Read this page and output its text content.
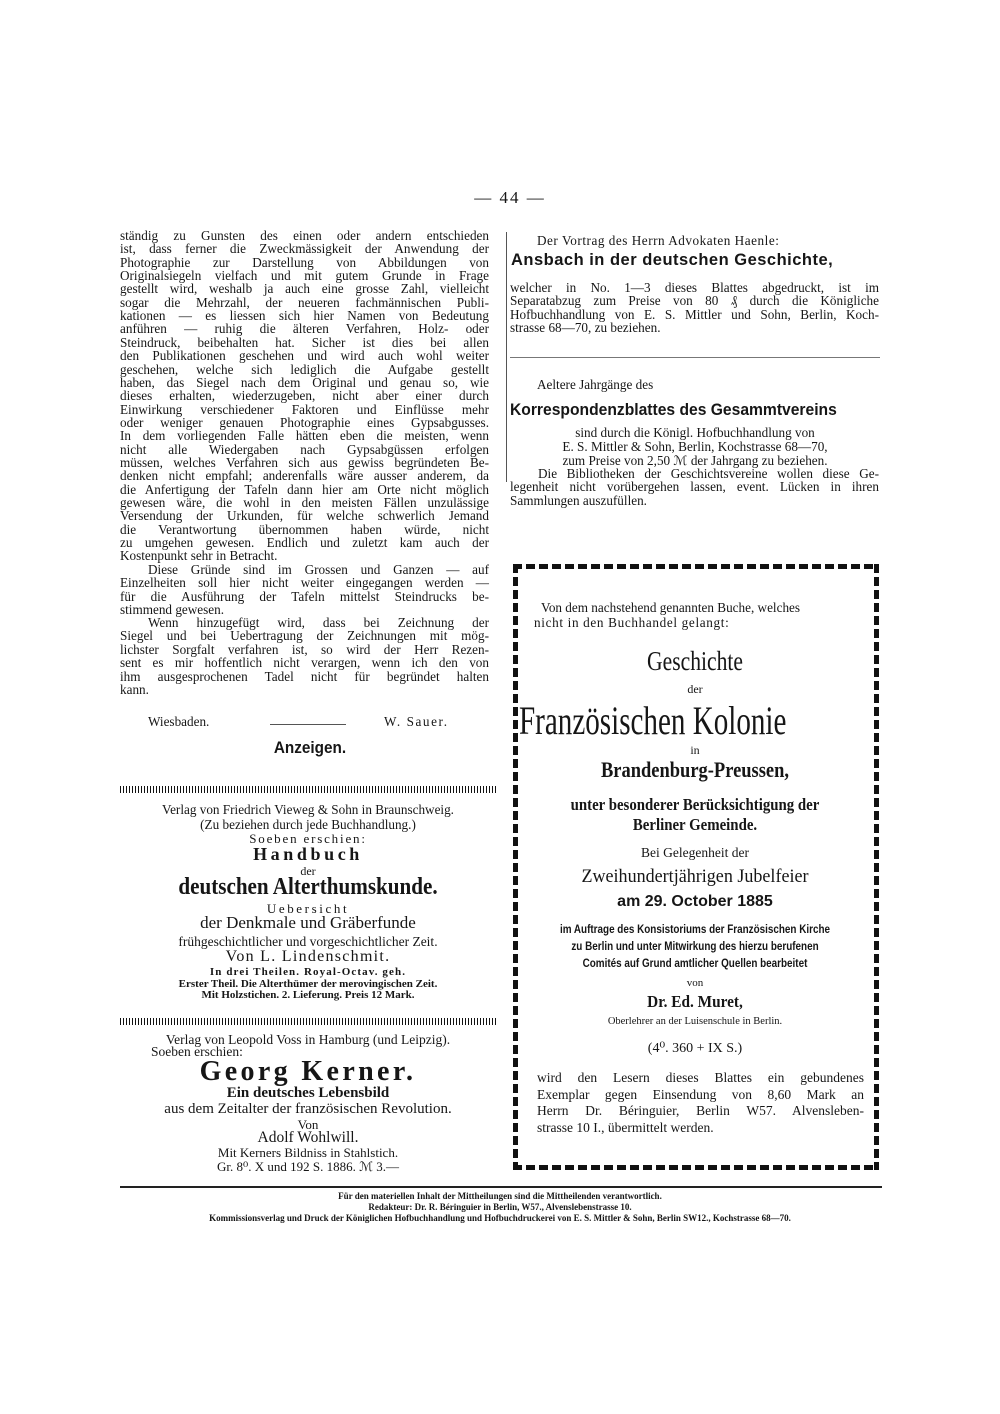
— 44 —
ständig zu Gunsten des einen oder andern entschieden
ist, dass ferner die Zweckmässigkeit der Anwendung der
Photographie zur Darstellung von Abbildungen von
Originalsiegeln vielfach und mit gutem Grunde in Frage
gestellt wird, weshalb ja auch eine grosse Zahl, vielleicht
sogar die Mehrzahl, der neueren fachmännischen Publi-
kationen — es liessen sich hier Namen von Bedeutung
anführen — ruhig die älteren Verfahren, Holz- oder
Steindruck, beibehalten hat. Sicher ist dies bei allen
den Publikationen geschehen und wird auch wohl weiter
geschehen, welche sich lediglich die Aufgabe gestellt
haben, das Siegel nach dem Original und genau so, wie
dieses erhalten, wiederzugeben, nicht aber einer durch
Einwirkung verschiedener Faktoren und Einflüsse mehr
oder weniger genauen Photographie eines Gypsabgusses.
In dem vorliegenden Falle hätten eben die meisten, wenn
nicht alle Wiedergaben nach Gypsabgüssen erfolgen
müssen, welches Verfahren sich aus gewiss begründeten Be-
denken nicht empfahl; anderenfalls wäre ausser anderem, da
die Anfertigung der Tafeln dann hier am Orte nicht möglich
gewesen wäre, die wohl in den meisten Fällen unzulässige
Versendung der Urkunden, für welche schwerlich Jemand
die Verantwortung übernommen haben würde, nicht
zu umgehen gewesen. Endlich und zuletzt kam auch der
Kostenpunkt sehr in Betracht.
Diese Gründe sind im Grossen und Ganzen — auf
Einzelheiten soll hier nicht weiter eingegangen werden —
für die Ausführung der Tafeln mittelst Steindrucks be-
stimmend gewesen.
Wenn hinzugefügt wird, dass bei Zeichnung der
Siegel und bei Uebertragung der Zeichnungen mit mög-
lichster Sorgfalt verfahren ist, so wird der Herr Rezen-
sent es mir hoffentlich nicht verargen, wenn ich den von
ihm ausgesprochenen Tadel nicht für begründet halten
kann.
Wiesbaden.	W. Sauer.
Anzeigen.
Verlag von Friedrich Vieweg & Sohn in Braunschweig.
(Zu beziehen durch jede Buchhandlung.)
Soeben erschien:
Handbuch
der
deutschen Alterthumskunde.
Uebersicht
der Denkmale und Gräberfunde
frühgeschichtlicher und vorgeschichtlicher Zeit.
Von L. Lindenschmit.
In drei Theilen. Royal-Octav. geh.
Erster Theil. Die Alterthümer der merovingischen Zeit.
Mit Holzstichen. 2. Lieferung. Preis 12 Mark.
Verlag von Leopold Voss in Hamburg (und Leipzig).
Soeben erschien:
Georg Kerner.
Ein deutsches Lebensbild
aus dem Zeitalter der französischen Revolution.
Von
Adolf Wohlwill.
Mit Kerners Bildniss in Stahlstich.
Gr. 8⁰. X und 192 S. 1886. ℳ 3.—
Der Vortrag des Herrn Advokaten Haenle:
Ansbach in der deutschen Geschichte,
welcher in No. 1—3 dieses Blattes abgedruckt, ist im
Separatabzug zum Preise von 80 ₰ durch die Königliche
Hofbuchhandlung von E. S. Mittler und Sohn, Berlin, Koch-
strasse 68—70, zu beziehen.
Aeltere Jahrgänge des
Korrespondenzblattes des Gesammtvereins
sind durch die Königl. Hofbuchhandlung von
E. S. Mittler & Sohn, Berlin, Kochstrasse 68—70,
zum Preise von 2,50 ℳ der Jahrgang zu beziehen.
Die Bibliotheken der Geschichtsvereine wollen diese Ge-
legenheit nicht vorübergehen lassen, event. Lücken in ihren
Sammlungen auszufüllen.
Von dem nachstehend genannten Buche, welches
nicht in den Buchhandel gelangt:
Geschichte
der
Französischen Kolonie
in
Brandenburg-Preussen,
unter besonderer Berücksichtigung der
Berliner Gemeinde.
Bei Gelegenheit der
Zweihundertjährigen Jubelfeier
am 29. October 1885
im Auftrage des Konsistoriums der Französischen Kirche
zu Berlin und unter Mitwirkung des hierzu berufenen
Comités auf Grund amtlicher Quellen bearbeitet
von
Dr. Ed. Muret,
Oberlehrer an der Luisenschule in Berlin.
(4⁰. 360 + IX S.)
wird den Lesern dieses Blattes ein gebundenes
Exemplar gegen Einsendung von 8,60 Mark an
Herrn Dr. Béringuier, Berlin W57. Alvensleben-
strasse 10 I., übermittelt werden.
Für den materiellen Inhalt der Mittheilungen sind die Mittheilenden verantwortlich.
Redakteur: Dr. R. Béringuier in Berlin, W57., Alvenslebenstrasse 10.
Kommissionsverlag und Druck der Königlichen Hofbuchhandlung und Hofbuchdruckerei von E. S. Mittler & Sohn, Berlin SW12., Kochstrasse 68—70.
